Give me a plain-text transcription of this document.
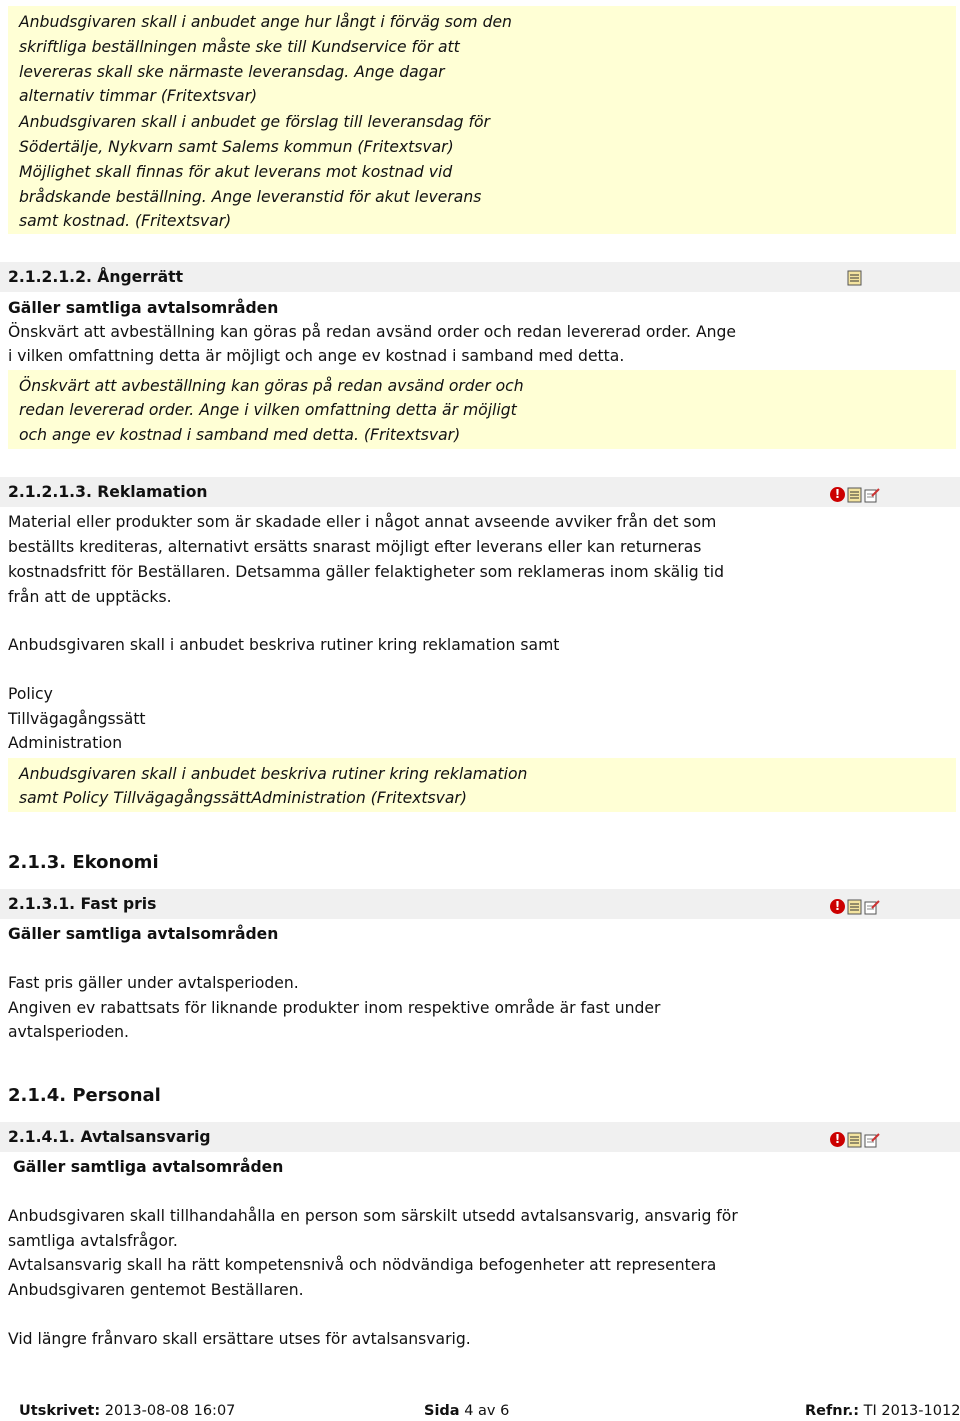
Anbudsgivaren skall i anbudet ange hur långt i förväg som den
skriftliga beställningen måste ske till Kundservice för att
levereras skall ske närmaste leveransdag. Ange dagar
alternativ timmar (Fritextsvar)
Anbudsgivaren skall i anbudet ge förslag till leveransdag för
Södertälje, Nykvarn samt Salems kommun (Fritextsvar)
Möjlighet skall finnas för akut leverans mot kostnad vid
brådskande beställning. Ange leveranstid för akut leverans
samt kostnad. (Fritextsvar)
2.1.2.1.2. Ångerrätt
Gäller samtliga avtalsområden
Önskvärt att avbeställning kan göras på redan avsänd order och redan levererad order. Ange
i vilken omfattning detta är möjligt och ange ev kostnad i samband med detta.
Önskvärt att avbeställning kan göras på redan avsänd order och
redan levererad order. Ange i vilken omfattning detta är möjligt
och ange ev kostnad i samband med detta. (Fritextsvar)
2.1.2.1.3. Reklamation	!
Material eller produkter som är skadade eller i något annat avseende avviker från det som
beställts krediteras, alternativt ersätts snarast möjligt efter leverans eller kan returneras
kostnadsfritt för Beställaren. Detsamma gäller felaktigheter som reklameras inom skälig tid
från att de upptäcks.
Anbudsgivaren skall i anbudet beskriva rutiner kring reklamation samt
Policy
Tillvägagångssätt
Administration
Anbudsgivaren skall i anbudet beskriva rutiner kring reklamation
samt Policy TillvägagångssättAdministration (Fritextsvar)
2.1.3. Ekonomi
2.1.3.1. Fast pris	!
Gäller samtliga avtalsområden
Fast pris gäller under avtalsperioden.
Angiven ev rabattsats för liknande produkter inom respektive område är fast under
avtalsperioden.
2.1.4. Personal
2.1.4.1. Avtalsansvarig	!
Gäller samtliga avtalsområden
Anbudsgivaren skall tillhandahålla en person som särskilt utsedd avtalsansvarig, ansvarig för
samtliga avtalsfrågor.
Avtalsansvarig skall ha rätt kompetensnivå och nödvändiga befogenheter att representera
Anbudsgivaren gentemot Beställaren.
Vid längre frånvaro skall ersättare utses för avtalsansvarig.
Utskrivet: 2013-08-08 16:07	Sida 4 av 6	Refnr.: TI 2013-1012
